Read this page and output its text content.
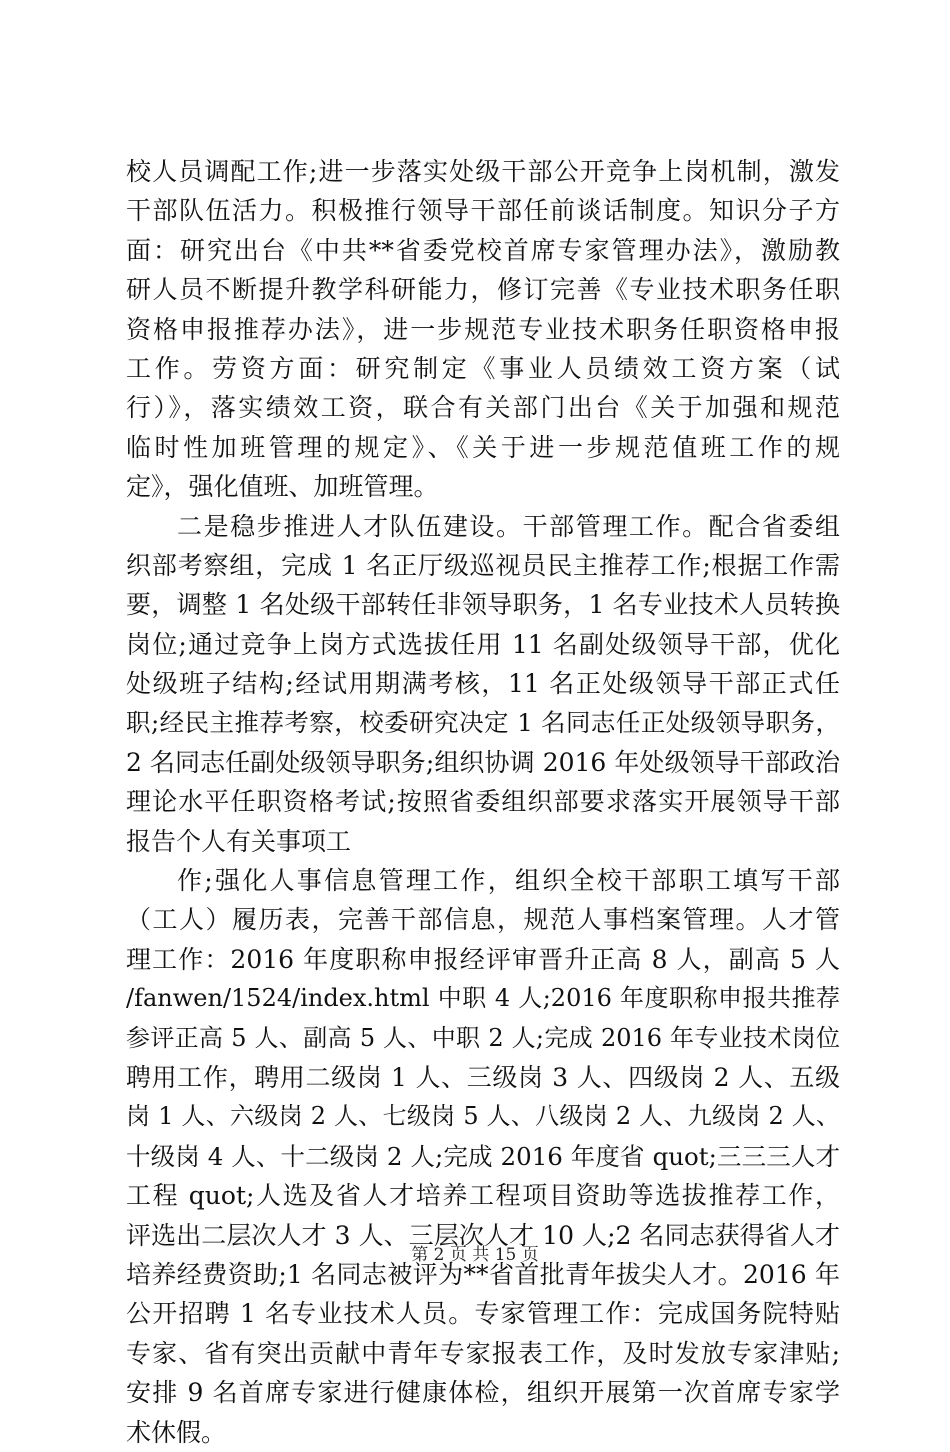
校人员调配工作;进一步落实处级干部公开竞争上岗机制，激发
干部队伍活力。积极推行领导干部任前谈话制度。知识分子方
面：研究出台《中共**省委党校首席专家管理办法》，激励教
研人员不断提升教学科研能力，修订完善《专业技术职务任职
资格申报推荐办法》，进一步规范专业技术职务任职资格申报
工作。劳资方面：研究制定《事业人员绩效工资方案（试
行）》，落实绩效工资，联合有关部门出台《关于加强和规范
临时性加班管理的规定》、《关于进一步规范值班工作的规
定》，强化值班、加班管理。
二是稳步推进人才队伍建设。干部管理工作。配合省委组
织部考察组，完成 1 名正厅级巡视员民主推荐工作;根据工作需
要，调整 1 名处级干部转任非领导职务，1 名专业技术人员转换
岗位;通过竞争上岗方式选拔任用 11 名副处级领导干部，优化
处级班子结构;经试用期满考核，11 名正处级领导干部正式任
职;经民主推荐考察，校委研究决定 1 名同志任正处级领导职务，
2 名同志任副处级领导职务;组织协调 2016 年处级领导干部政治
理论水平任职资格考试;按照省委组织部要求落实开展领导干部
报告个人有关事项工
作;强化人事信息管理工作，组织全校干部职工填写干部
（工人）履历表，完善干部信息，规范人事档案管理。人才管
理工作：2016 年度职称申报经评审晋升正高 8 人，副高 5 人
/fanwen/1524/index.html 中职 4 人;2016 年度职称申报共推荐
参评正高 5 人、副高 5 人、中职 2 人;完成 2016 年专业技术岗位
聘用工作，聘用二级岗 1 人、三级岗 3 人、四级岗 2 人、五级
岗 1 人、六级岗 2 人、七级岗 5 人、八级岗 2 人、九级岗 2 人、
十级岗 4 人、十二级岗 2 人;完成 2016 年度省 quot;三三三人才
工程 quot;人选及省人才培养工程项目资助等选拔推荐工作，
评选出二层次人才 3 人、三层次人才 10 人;2 名同志获得省人才
培养经费资助;1 名同志被评为**省首批青年拔尖人才。2016 年
公开招聘 1 名专业技术人员。专家管理工作：完成国务院特贴
专家、省有突出贡献中青年专家报表工作，及时发放专家津贴;
安排 9 名首席专家进行健康体检，组织开展第一次首席专家学
术休假。
第 2 页 共 15 页
